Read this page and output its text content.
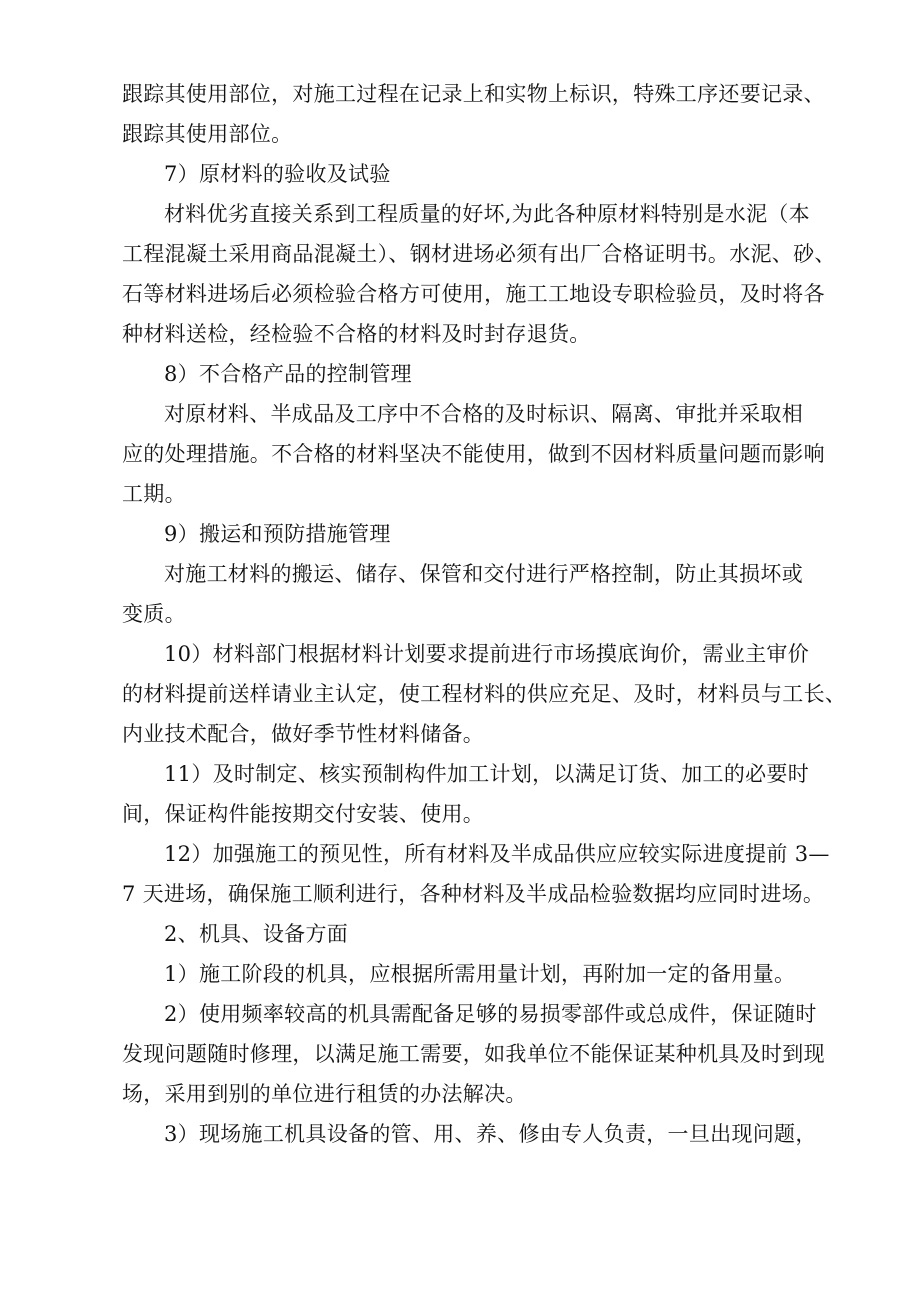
跟踪其使用部位，对施工过程在记录上和实物上标识，特殊工序还要记录、
跟踪其使用部位。

7）原材料的验收及试验

材料优劣直接关系到工程质量的好坏,为此各种原材料特别是水泥（本
工程混凝土采用商品混凝土）、钢材进场必须有出厂合格证明书。水泥、砂、
石等材料进场后必须检验合格方可使用，施工工地设专职检验员，及时将各
种材料送检，经检验不合格的材料及时封存退货。

8）不合格产品的控制管理

对原材料、半成品及工序中不合格的及时标识、隔离、审批并采取相
应的处理措施。不合格的材料坚决不能使用，做到不因材料质量问题而影响
工期。

9）搬运和预防措施管理

对施工材料的搬运、储存、保管和交付进行严格控制，防止其损坏或
变质。

10）材料部门根据材料计划要求提前进行市场摸底询价，需业主审价
的材料提前送样请业主认定，使工程材料的供应充足、及时，材料员与工长、
内业技术配合，做好季节性材料储备。

11）及时制定、核实预制构件加工计划，以满足订货、加工的必要时
间，保证构件能按期交付安装、使用。

12）加强施工的预见性，所有材料及半成品供应应较实际进度提前 3—
7 天进场，确保施工顺利进行，各种材料及半成品检验数据均应同时进场。

2、机具、设备方面

1）施工阶段的机具，应根据所需用量计划，再附加一定的备用量。

2）使用频率较高的机具需配备足够的易损零部件或总成件，保证随时
发现问题随时修理，以满足施工需要，如我单位不能保证某种机具及时到现
场，采用到别的单位进行租赁的办法解决。

3）现场施工机具设备的管、用、养、修由专人负责，一旦出现问题，
